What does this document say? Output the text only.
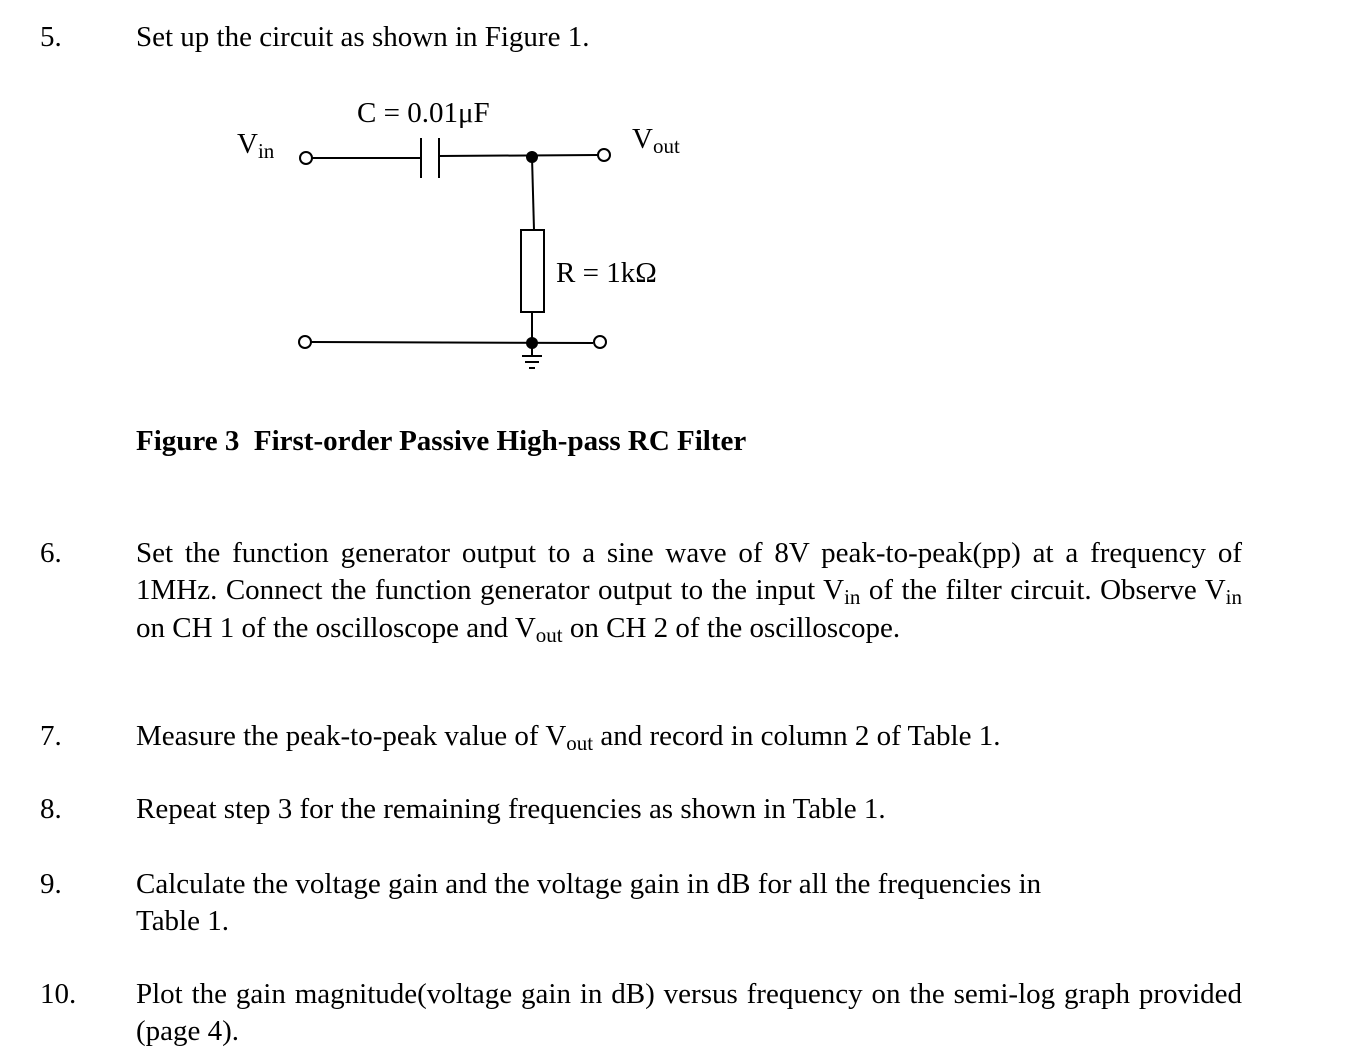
5.	Set up the circuit as shown in Figure 1.
C = 0.01μF
Vin	Vout
R = 1kΩ
Figure 3  First-order Passive High-pass RC Filter
6.	Set the function generator output to a sine wave of 8V peak-to-peak(pp) at a frequency of 1MHz. Connect the function generator output to the input Vin of the filter circuit. Observe Vin on CH 1 of the oscilloscope and Vout on CH 2 of the oscilloscope.
7.	Measure the peak-to-peak value of Vout and record in column 2 of Table 1.
8.	Repeat step 3 for the remaining frequencies as shown in Table 1.
9.	Calculate the voltage gain and the voltage gain in dB for all the frequencies in
Table 1.
10. Plot the gain magnitude(voltage gain in dB) versus frequency on the semi-log graph provided (page 4).
